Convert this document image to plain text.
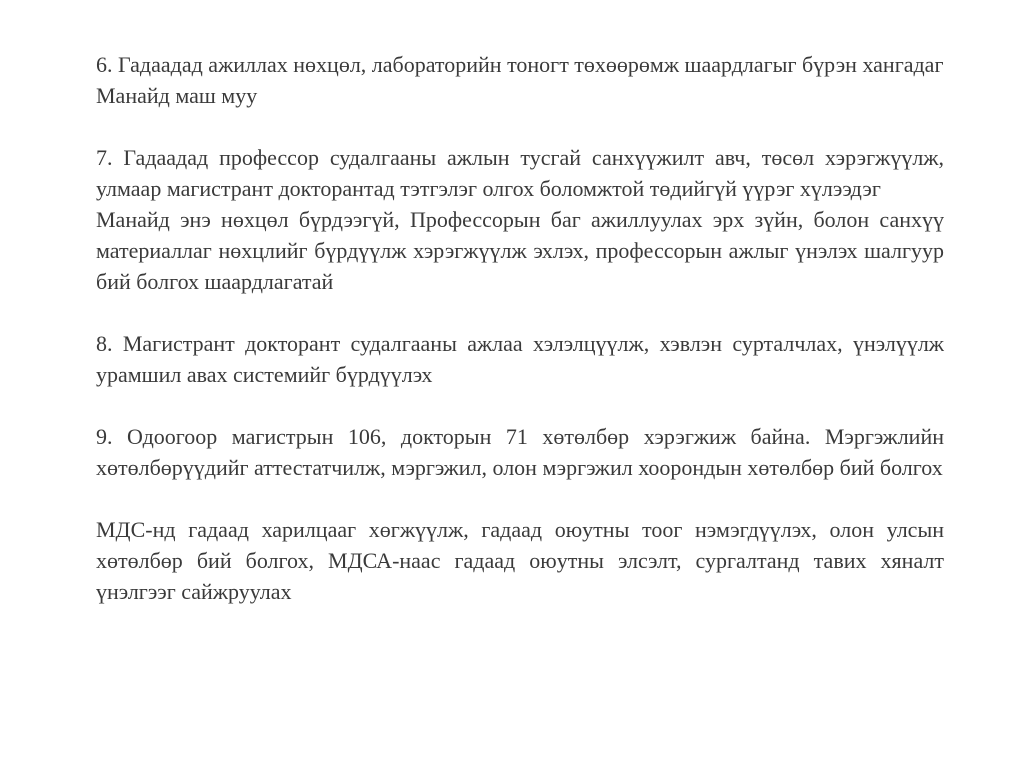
6. Гадаадад ажиллах нөхцөл, лабораторийн тоногт төхөөрөмж шаардлагыг бүрэн хангадаг

Манайд маш муу

7. Гадаадад профессор судалгааны ажлын тусгай санхүүжилт авч, төсөл хэрэгжүүлж, улмаар магистрант докторантад тэтгэлэг олгох боломжтой төдийгүй үүрэг хүлээдэг

Манайд энэ нөхцөл бүрдээгүй, Профессорын баг ажиллуулах эрх зүйн, болон санхүү материаллаг нөхцлийг бүрдүүлж хэрэгжүүлж эхлэх, профессорын ажлыг үнэлэх шалгуур бий болгох шаардлагатай

8. Магистрант докторант судалгааны ажлаа хэлэлцүүлж, хэвлэн сурталчлах, үнэлүүлж урамшил авах системийг бүрдүүлэх

9. Одоогоор магистрын 106, докторын 71 хөтөлбөр хэрэгжиж байна. Мэргэжлийн хөтөлбөрүүдийг аттестатчилж, мэргэжил, олон мэргэжил хоорондын хөтөлбөр бий болгох

МДС-нд гадаад харилцааг хөгжүүлж, гадаад оюутны тоог нэмэгдүүлэх, олон улсын хөтөлбөр бий болгох, МДСА-наас гадаад оюутны элсэлт, сургалтанд тавих хяналт үнэлгээг сайжруулах
